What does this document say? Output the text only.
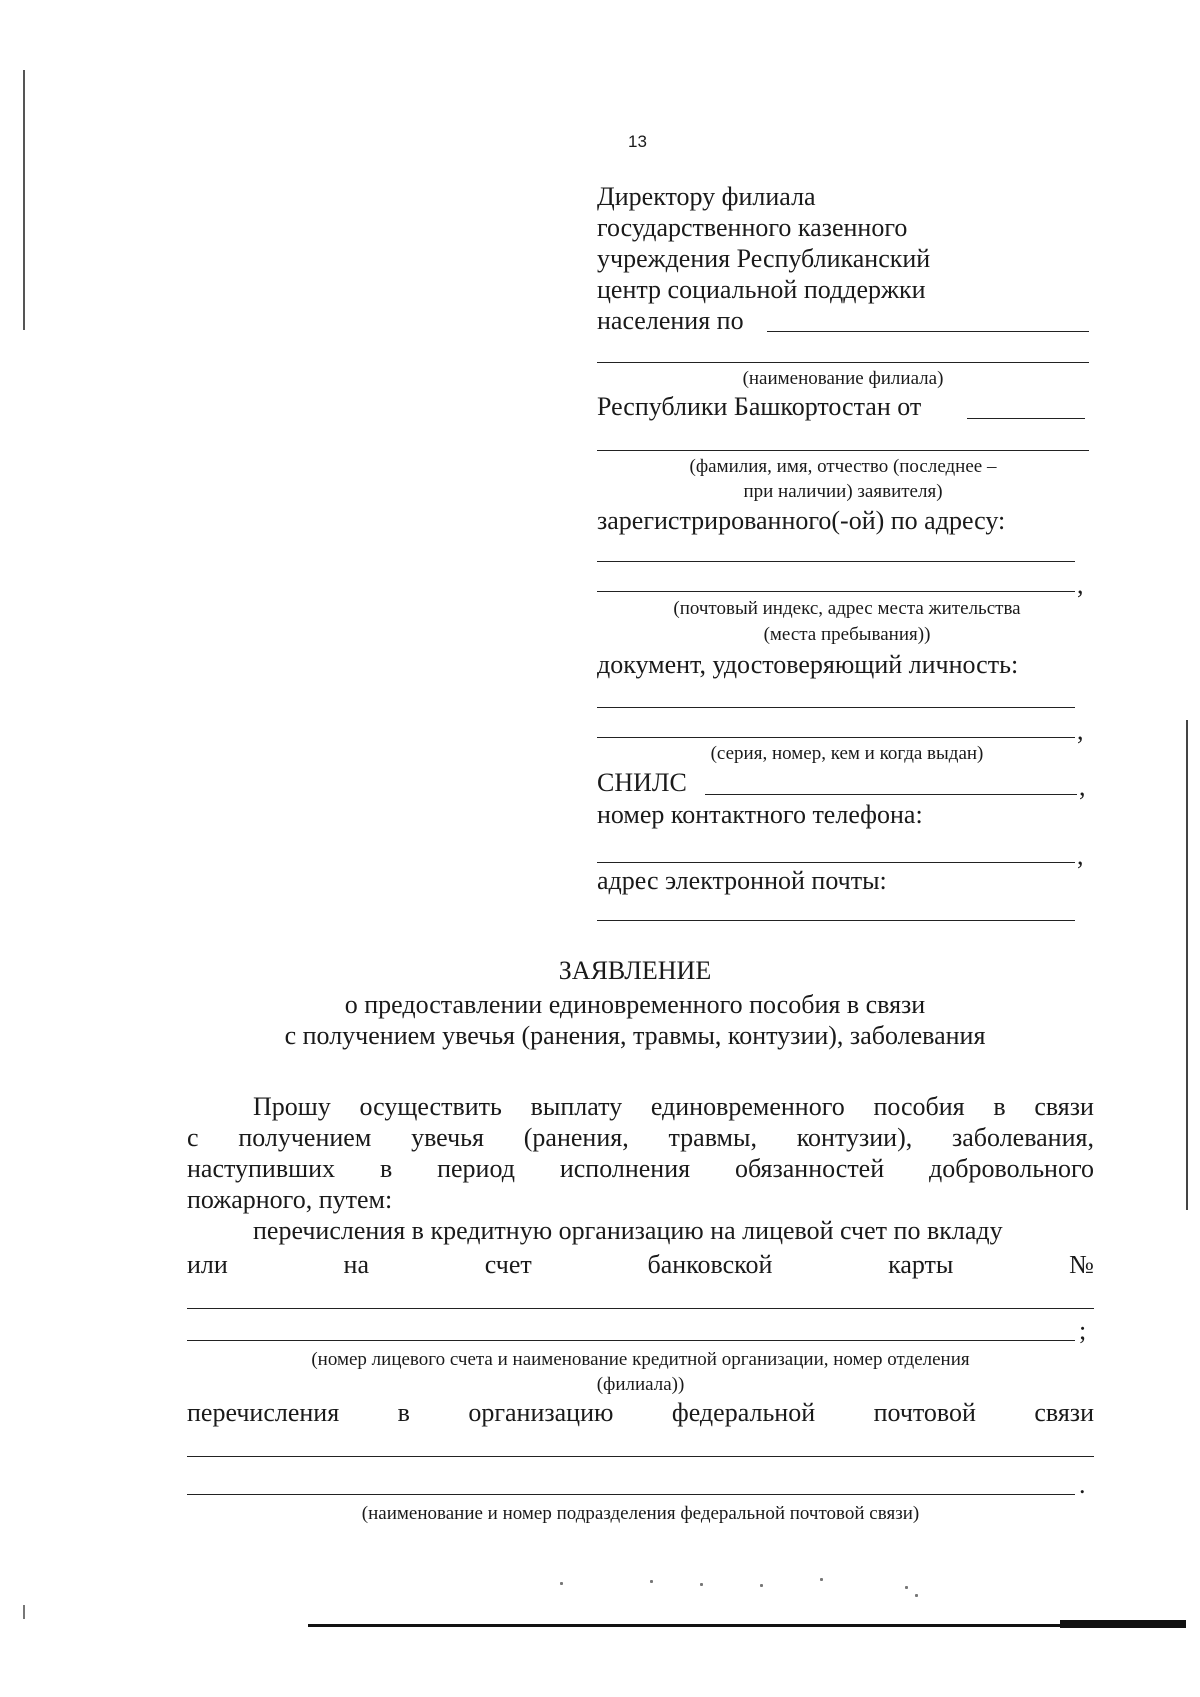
13
Директору филиала
государственного казенного
учреждения Республиканский
центр социальной поддержки
населения по
(наименование филиала)
Республики Башкортостан от
(фамилия, имя, отчество (последнее –
при наличии) заявителя)
зарегистрированного(-ой) по адресу:
,
(почтовый индекс, адрес места жительства
(места пребывания))
документ, удостоверяющий личность:
,
(серия, номер, кем и когда выдан)
СНИЛС	,
номер контактного телефона:
,
адрес электронной почты:
ЗАЯВЛЕНИЕ
о предоставлении единовременного пособия в связи
с получением увечья (ранения, травмы, контузии), заболевания
Прошу осуществить выплату единовременного пособия в связи
с получением увечья (ранения, травмы, контузии), заболевания,
наступивших в период исполнения обязанностей добровольного
пожарного, путем:
перечисления в кредитную организацию на лицевой счет по вкладу
или	на	счет	банковской	карты	№
;
(номер лицевого счета и наименование кредитной организации, номер отделения
(филиала))
перечисления в организацию федеральной почтовой связи
.
(наименование и номер подразделения федеральной почтовой связи)
